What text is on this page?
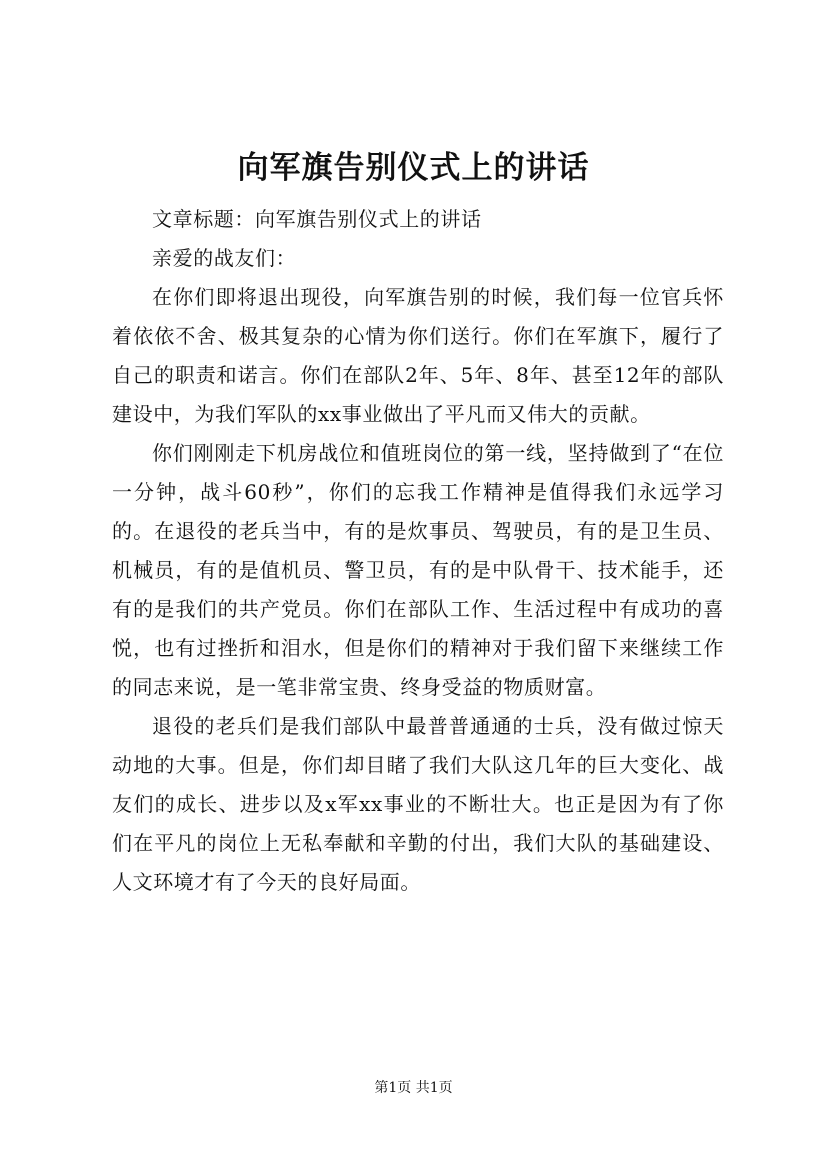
向军旗告别仪式上的讲话

文章标题：向军旗告别仪式上的讲话

亲爱的战友们：

在你们即将退出现役，向军旗告别的时候，我们每一位官兵怀着依依不舍、极其复杂的心情为你们送行。你们在军旗下，履行了自己的职责和诺言。你们在部队2年、5年、8年、甚至12年的部队建设中，为我们军队的xx事业做出了平凡而又伟大的贡献。

你们刚刚走下机房战位和值班岗位的第一线，坚持做到了“在位一分钟，战斗60秒”，你们的忘我工作精神是值得我们永远学习的。在退役的老兵当中，有的是炊事员、驾驶员，有的是卫生员、机械员，有的是值机员、警卫员，有的是中队骨干、技术能手，还有的是我们的共产党员。你们在部队工作、生活过程中有成功的喜悦，也有过挫折和泪水，但是你们的精神对于我们留下来继续工作的同志来说，是一笔非常宝贵、终身受益的物质财富。

退役的老兵们是我们部队中最普普通通的士兵，没有做过惊天动地的大事。但是，你们却目睹了我们大队这几年的巨大变化、战友们的成长、进步以及x军xx事业的不断壮大。也正是因为有了你们在平凡的岗位上无私奉献和辛勤的付出，我们大队的基础建设、人文环境才有了今天的良好局面。

第1页 共1页
